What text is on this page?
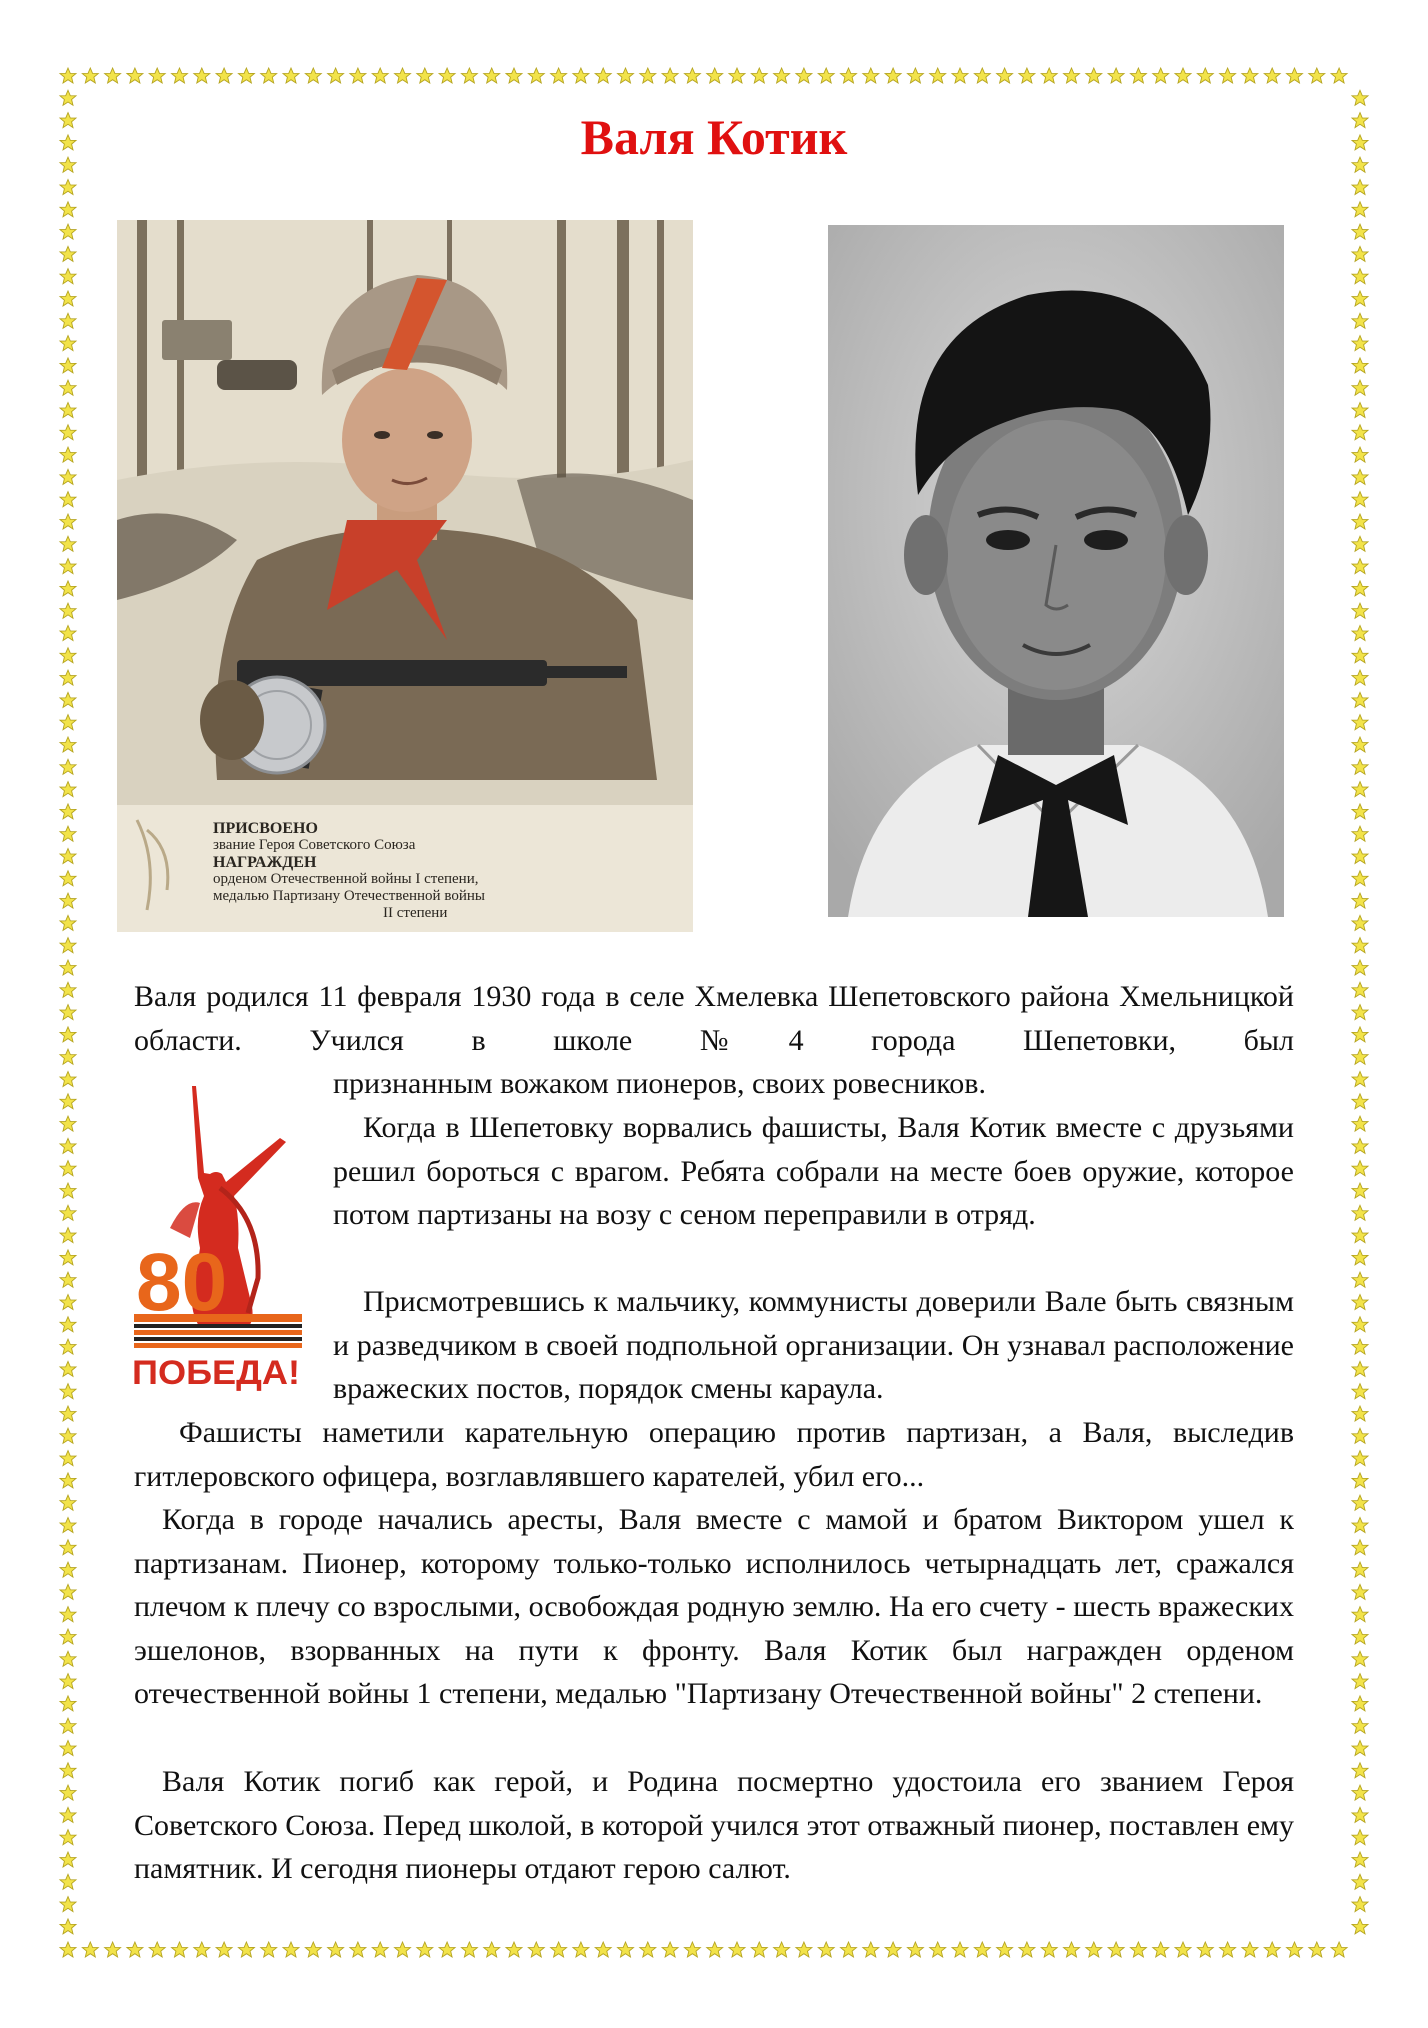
Валя Котик
ПРИСВОЕНО
звание Героя Советского Союза
НАГРАЖДЕН
орденом Отечественной войны I степени,
медалью Партизану Отечественной войны
II степени

Валя родился 11 февраля 1930 года в селе Хмелевка Шепетовского района Хмельницкой области. Учился в школе №4 города Шепетовки, был

признанным вожаком пионеров, своих ровесников.

Когда в Шепетовку ворвались фашисты, Валя Котик вместе с друзьями решил бороться с врагом. Ребята собрали на месте боев оружие, которое потом партизаны на возу с сеном переправили в отряд.

Присмотревшись к мальчику, коммунисты доверили Вале быть связным и разведчиком в своей подпольной организации. Он узнавал расположение вражеских постов, порядок смены караула.

Фашисты наметили карательную операцию против партизан, а Валя, выследив гитлеровского офицера, возглавлявшего карателей, убил его...

Когда в городе начались аресты, Валя вместе с мамой и братом Виктором ушел к партизанам. Пионер, которому только-только исполнилось четырнадцать лет, сражался плечом к плечу со взрослыми, освобождая родную землю. На его счету - шесть вражеских эшелонов, взорванных на пути к фронту. Валя Котик был награжден орденом отечественной войны 1 степени, медалью "Партизану Отечественной войны" 2 степени.

Валя Котик погиб как герой, и Родина посмертно удостоила его званием Героя Советского Союза. Перед школой, в которой учился этот отважный пионер, поставлен ему памятник. И сегодня пионеры отдают герою салют.

80
ПОБЕДА!
